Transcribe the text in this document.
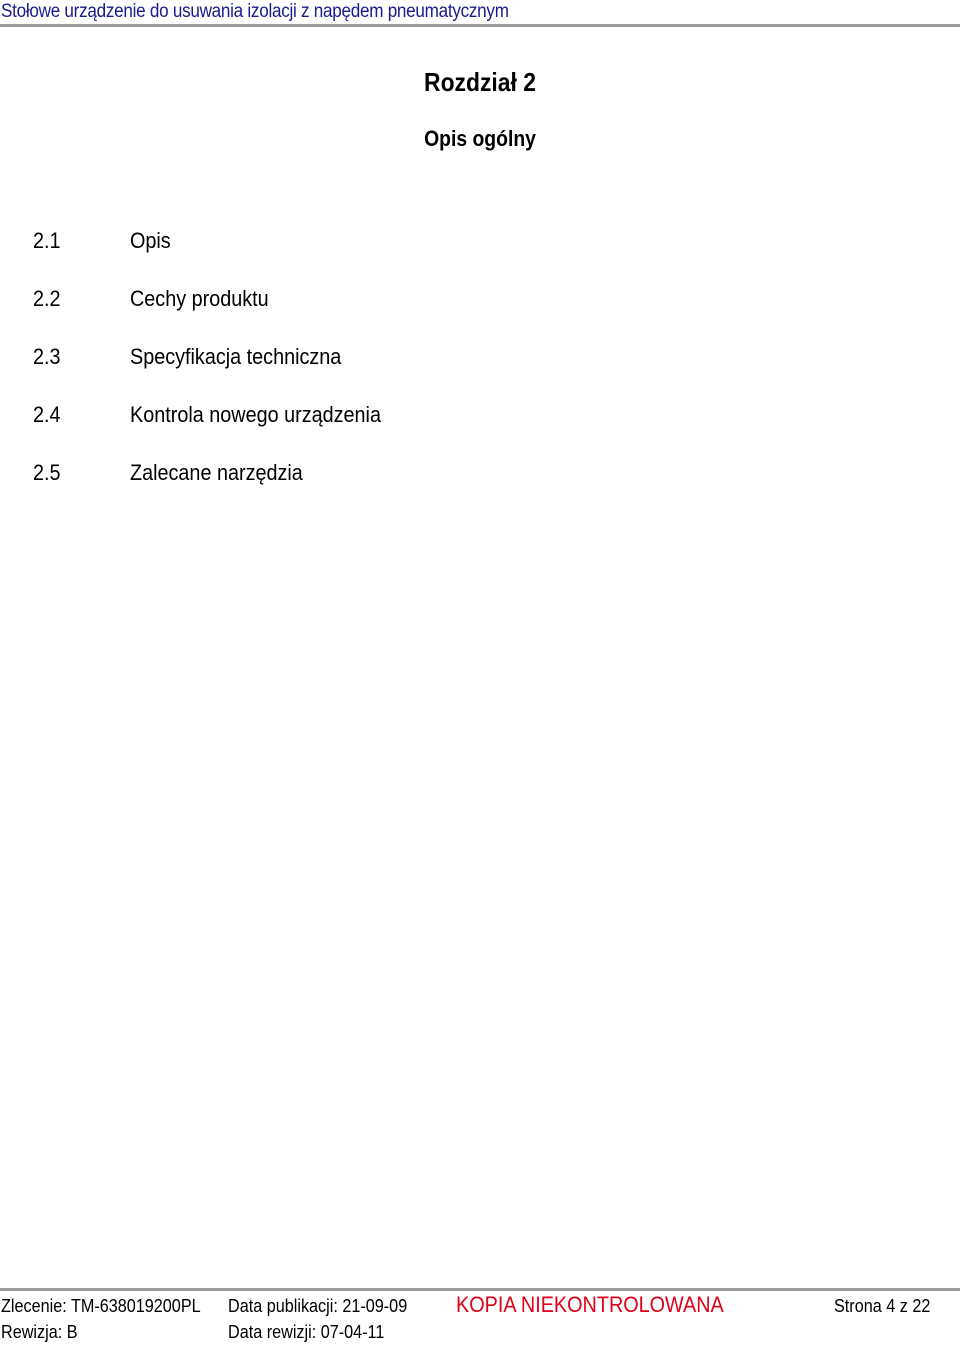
Stołowe urządzenie do usuwania izolacji z napędem pneumatycznym
Rozdział 2
Opis ogólny
2.1	Opis
2.2	Cechy produktu
2.3	Specyfikacja techniczna
2.4	Kontrola nowego urządzenia
2.5	Zalecane narzędzia
Zlecenie: TM-638019200PL Data publikacji: 21-09-09 KOPIA NIEKONTROLOWANA	Strona 4 z 22
Rewizja: B	Data rewizji: 07-04-11
